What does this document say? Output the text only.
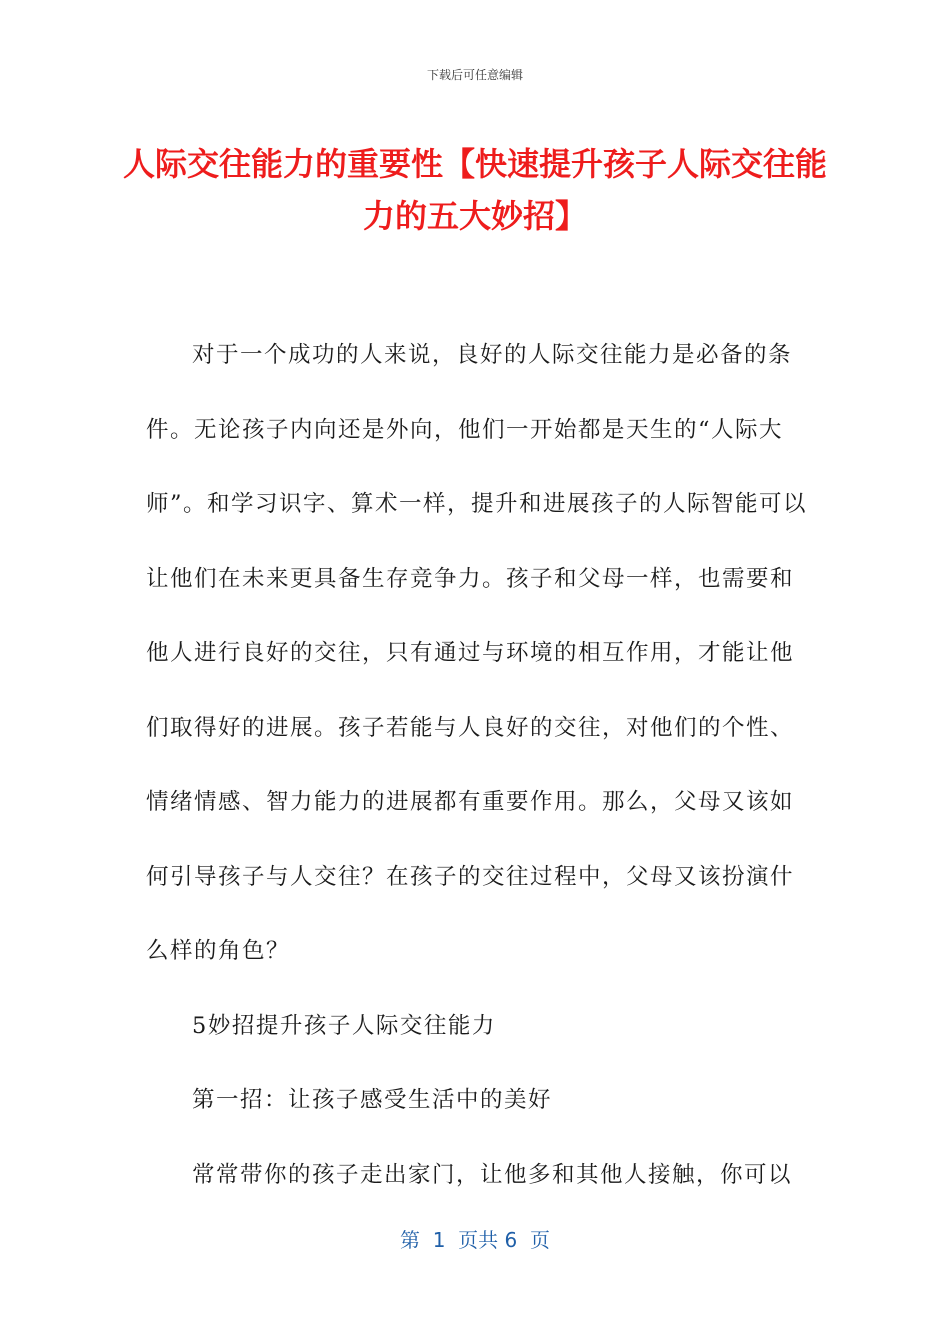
下载后可任意编辑
人际交往能力的重要性【快速提升孩子人际交往能力的五大妙招】

对于一个成功的人来说，良好的人际交往能力是必备的条件。无论孩子内向还是外向，他们一开始都是天生的“人际大师”。和学习识字、算术一样，提升和进展孩子的人际智能可以让他们在未来更具备生存竞争力。孩子和父母一样，也需要和他人进行良好的交往，只有通过与环境的相互作用，才能让他们取得好的进展。孩子若能与人良好的交往，对他们的个性、情绪情感、智力能力的进展都有重要作用。那么，父母又该如何引导孩子与人交往？在孩子的交往过程中，父母又该扮演什么样的角色？

5妙招提升孩子人际交往能力

第一招：让孩子感受生活中的美好

常常带你的孩子走出家门，让他多和其他人接触，你可以

第  1  页共 6  页
